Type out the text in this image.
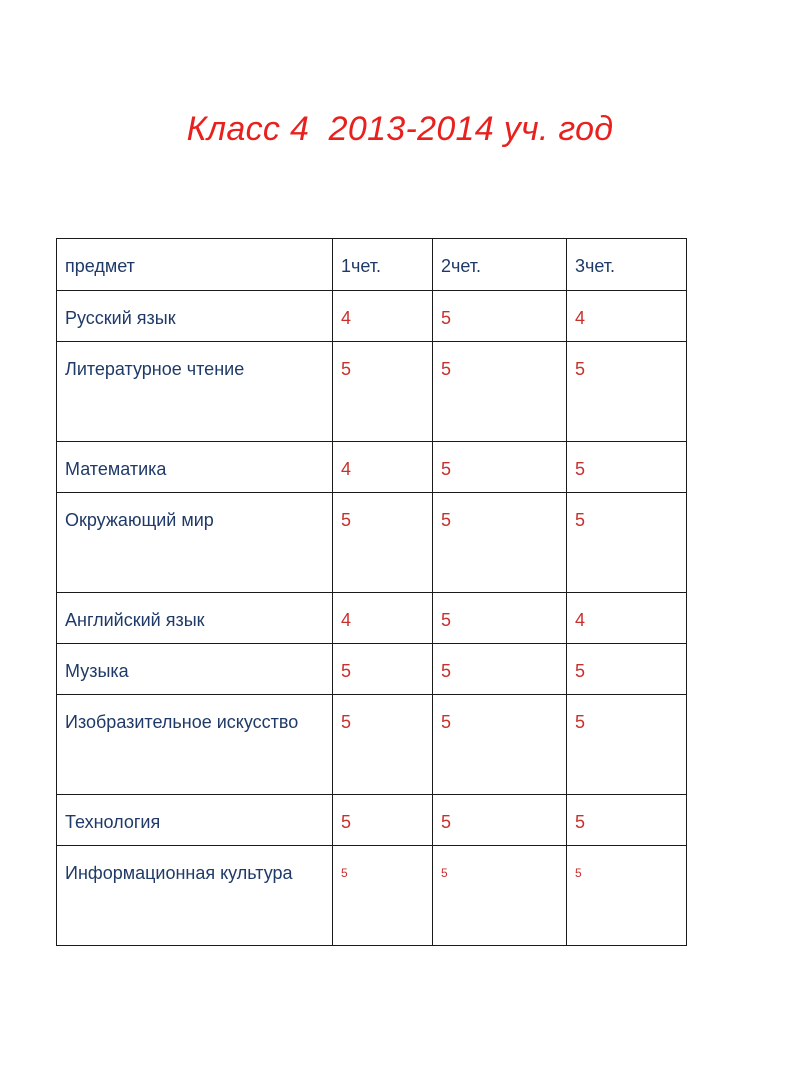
Класс 4  2013-2014 уч. год
предмет	1чет.	2чет.	3чет.
Русский язык	4	5	4
Литературное чтение	5	5	5
Математика	4	5	5
Окружающий мир	5	5	5
Английский язык	4	5	4
Музыка	5	5	5
Изобразительное искусство	5	5	5
Технология	5	5	5
Информационная культура	5	5	5
